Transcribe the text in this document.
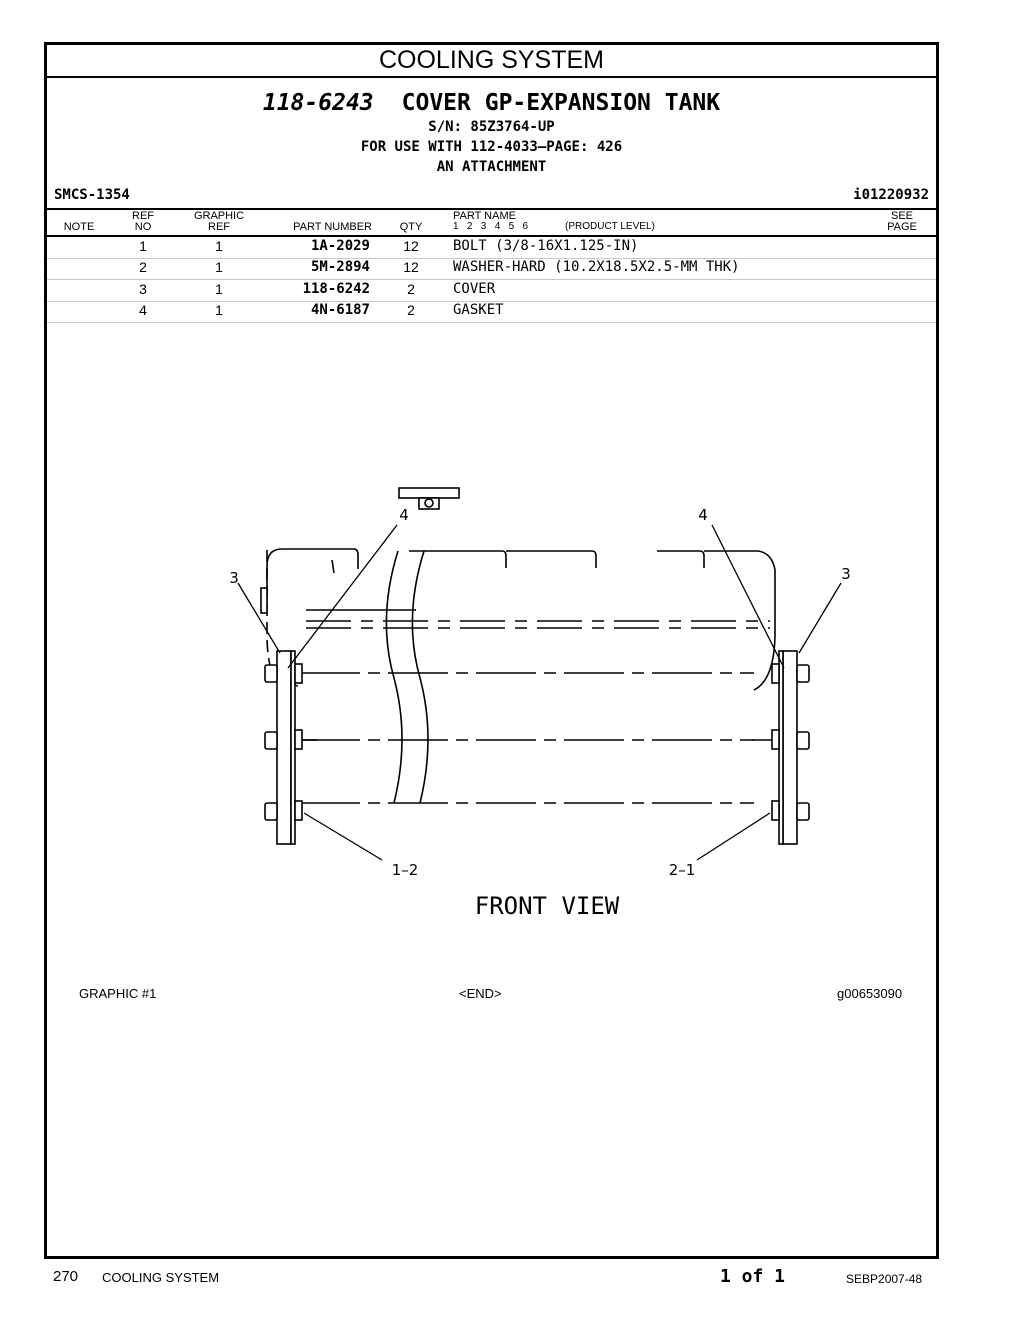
COOLING SYSTEM
118-6243 COVER GP-EXPANSION TANK
S/N: 85Z3764-UP
FOR USE WITH 112-4033—PAGE: 426
AN ATTACHMENT
SMCS-1354	i01220932
NOTE
REF
NO
GRAPHIC
REF	PART NUMBER	QTY
PART NAME
1   2   3   4   5   6	(PRODUCT LEVEL)
SEE
PAGE
1	1	1A-2029	12	BOLT (3/8-16X1.125-IN)
2	1	5M-2894	12	WASHER-HARD (10.2X18.5X2.5-MM THK)
3	1	118-6242	2	COVER
4	1	4N-6187	2	GASKET
4	4
3	3
1–2	2–1
FRONT VIEW
GRAPHIC #1	<END>	g00653090
270 COOLING SYSTEM	1 of 1	SEBP2007-48
